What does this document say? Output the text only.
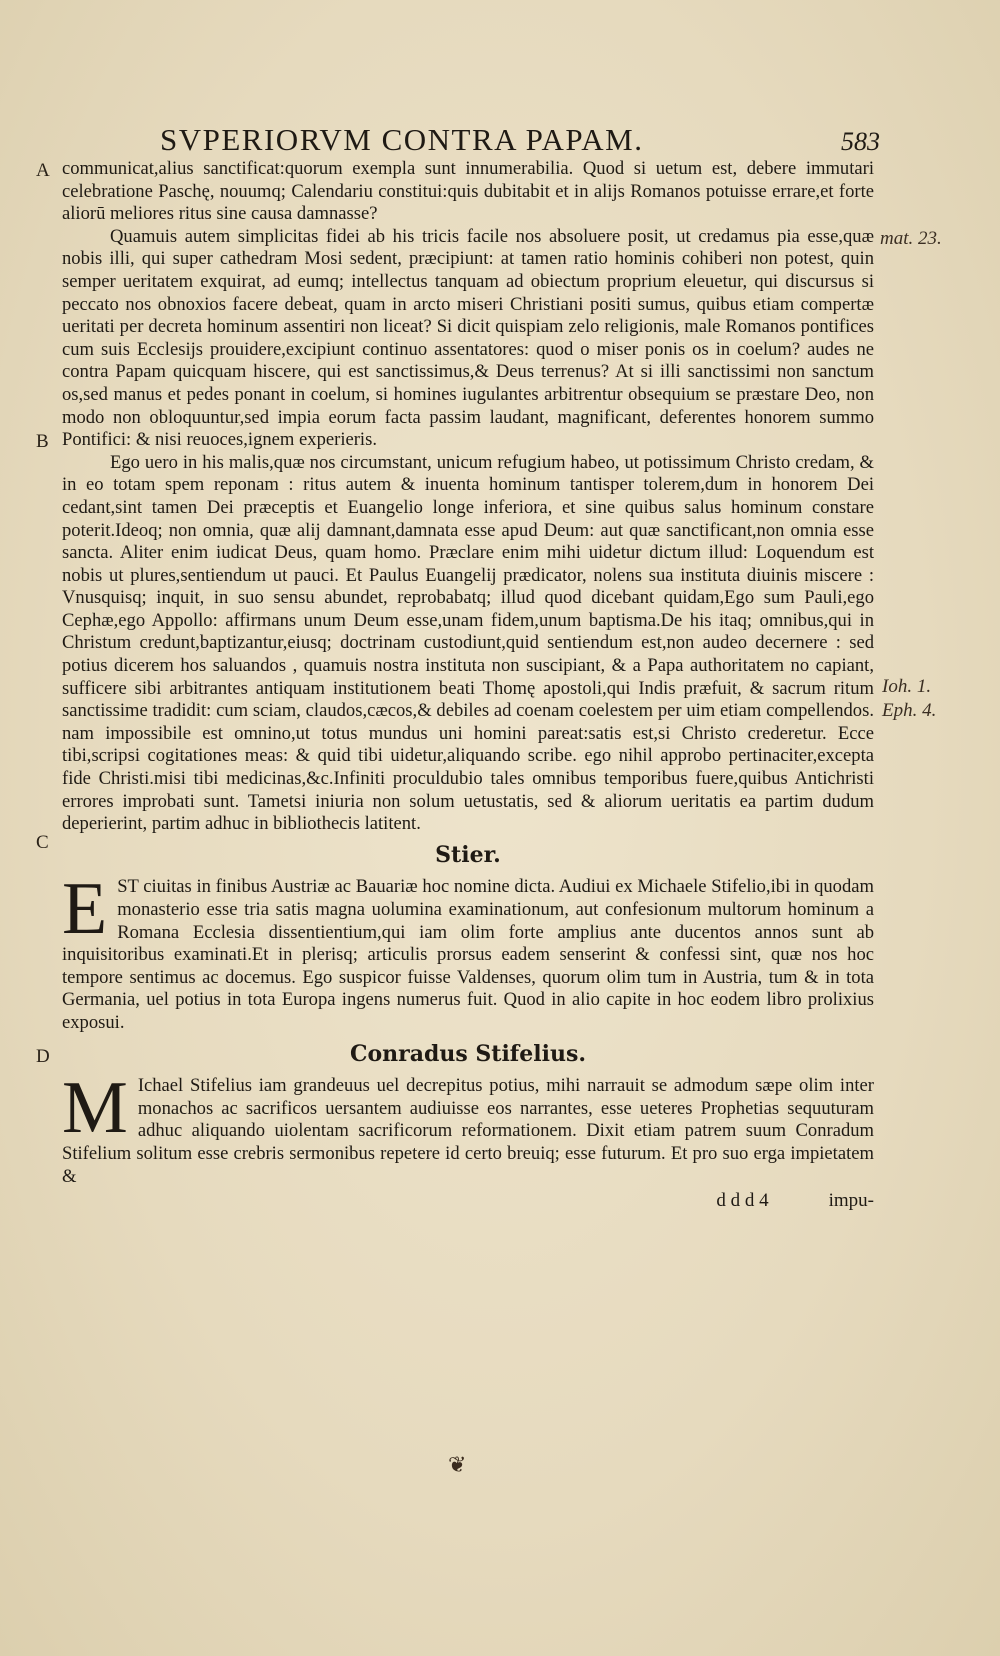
SVPERIORVM CONTRA PAPAM.	583
A
B
C
D
mat. 23.
Ioh. 1.
Eph. 4.

communicat,alius sanctificat:quorum exempla sunt innumerabilia. Quod si uetum est, debere immutari celebratione Paschę, nouumq; Calendariu constitui:quis dubitabit et in alijs Romanos potuisse errare,et forte aliorū meliores ritus sine causa damnasse?

Quamuis autem simplicitas fidei ab his tricis facile nos absoluere posit, ut credamus pia esse,quæ nobis illi, qui super cathedram Mosi sedent, præcipiunt: at tamen ratio hominis cohiberi non potest, quin semper ueritatem exquirat, ad eumq; intellectus tanquam ad obiectum proprium eleuetur, qui discursus si peccato nos obnoxios facere debeat, quam in arcto miseri Christiani positi sumus, quibus etiam compertæ ueritati per decreta hominum assentiri non liceat? Si dicit quispiam zelo religionis, male Romanos pontifices cum suis Ecclesijs prouidere,excipiunt continuo assentatores: quod o miser ponis os in coelum? audes ne contra Papam quicquam hiscere, qui est sanctissimus,& Deus terrenus? At si illi sanctissimi non sanctum os,sed manus et pedes ponant in coelum, si homines iugulantes arbitrentur obsequium se præstare Deo, non modo non obloquuntur,sed impia eorum facta passim laudant, magnificant, deferentes honorem summo Pontifici: & nisi reuoces,ignem experieris.

Ego uero in his malis,quæ nos circumstant, unicum refugium habeo, ut potissimum Christo credam, & in eo totam spem reponam : ritus autem & inuenta hominum tantisper tolerem,dum in honorem Dei cedant,sint tamen Dei præceptis et Euangelio longe inferiora, et sine quibus salus hominum constare poterit.Ideoq; non omnia, quæ alij damnant,damnata esse apud Deum: aut quæ sanctificant,non omnia esse sancta. Aliter enim iudicat Deus, quam homo. Præclare enim mihi uidetur dictum illud: Loquendum est nobis ut plures,sentiendum ut pauci. Et Paulus Euangelij prædicator, nolens sua instituta diuinis miscere : Vnusquisq; inquit, in suo sensu abundet, reprobabatq; illud quod dicebant quidam,Ego sum Pauli,ego Cephæ,ego Appollo: affirmans unum Deum esse,unam fidem,unum baptisma.De his itaq; omnibus,qui in Christum credunt,baptizantur,eiusq; doctrinam custodiunt,quid sentiendum est,non audeo decernere : sed potius dicerem hos saluandos , quamuis nostra instituta non suscipiant, & a Papa authoritatem no capiant, sufficere sibi arbitrantes antiquam institutionem beati Thomę apostoli,qui Indis præfuit, & sacrum ritum sanctissime tradidit: cum sciam, claudos,cæcos,& debiles ad coenam coelestem per uim etiam compellendos. nam impossibile est omnino,ut totus mundus uni homini pareat:satis est,si Christo crederetur. Ecce tibi,scripsi cogitationes meas: & quid tibi uidetur,aliquando scribe. ego nihil approbo pertinaciter,excepta fide Christi.misi tibi medicinas,&c.Infiniti proculdubio tales omnibus temporibus fuere,quibus Antichristi errores improbati sunt. Tametsi iniuria non solum uetustatis, sed & aliorum ueritatis ea partim dudum deperierint, partim adhuc in bibliothecis latitent.

Stier.

E ST ciuitas in finibus Austriæ ac Bauariæ hoc nomine dicta. Audiui ex Michaele Stifelio,ibi in quodam monasterio esse tria satis magna uolumina examinationum, aut confesionum multorum hominum a Romana Ecclesia dissentientium,qui iam olim forte amplius ante ducentos annos sunt ab inquisitoribus examinati.Et in plerisq; articulis prorsus eadem senserint & confessi sint, quæ nos hoc tempore sentimus ac docemus. Ego suspicor fuisse Valdenses, quorum olim tum in Austria, tum & in tota Germania, uel potius in tota Europa ingens numerus fuit. Quod in alio capite in hoc eodem libro prolixius exposui.

Conradus Stifelius.

M Ichael Stifelius iam grandeuus uel decrepitus potius, mihi narrauit se admodum sæpe olim inter monachos ac sacrificos uersantem audiuisse eos narrantes, esse ueteres Prophetias sequuturam adhuc aliquando uiolentam sacrificorum reformationem. Dixit etiam patrem suum Conradum Stifelium solitum esse crebris sermonibus repetere id certo breuiq; esse futurum. Et pro suo erga impietatem &

d d d 4	impu-
❦
